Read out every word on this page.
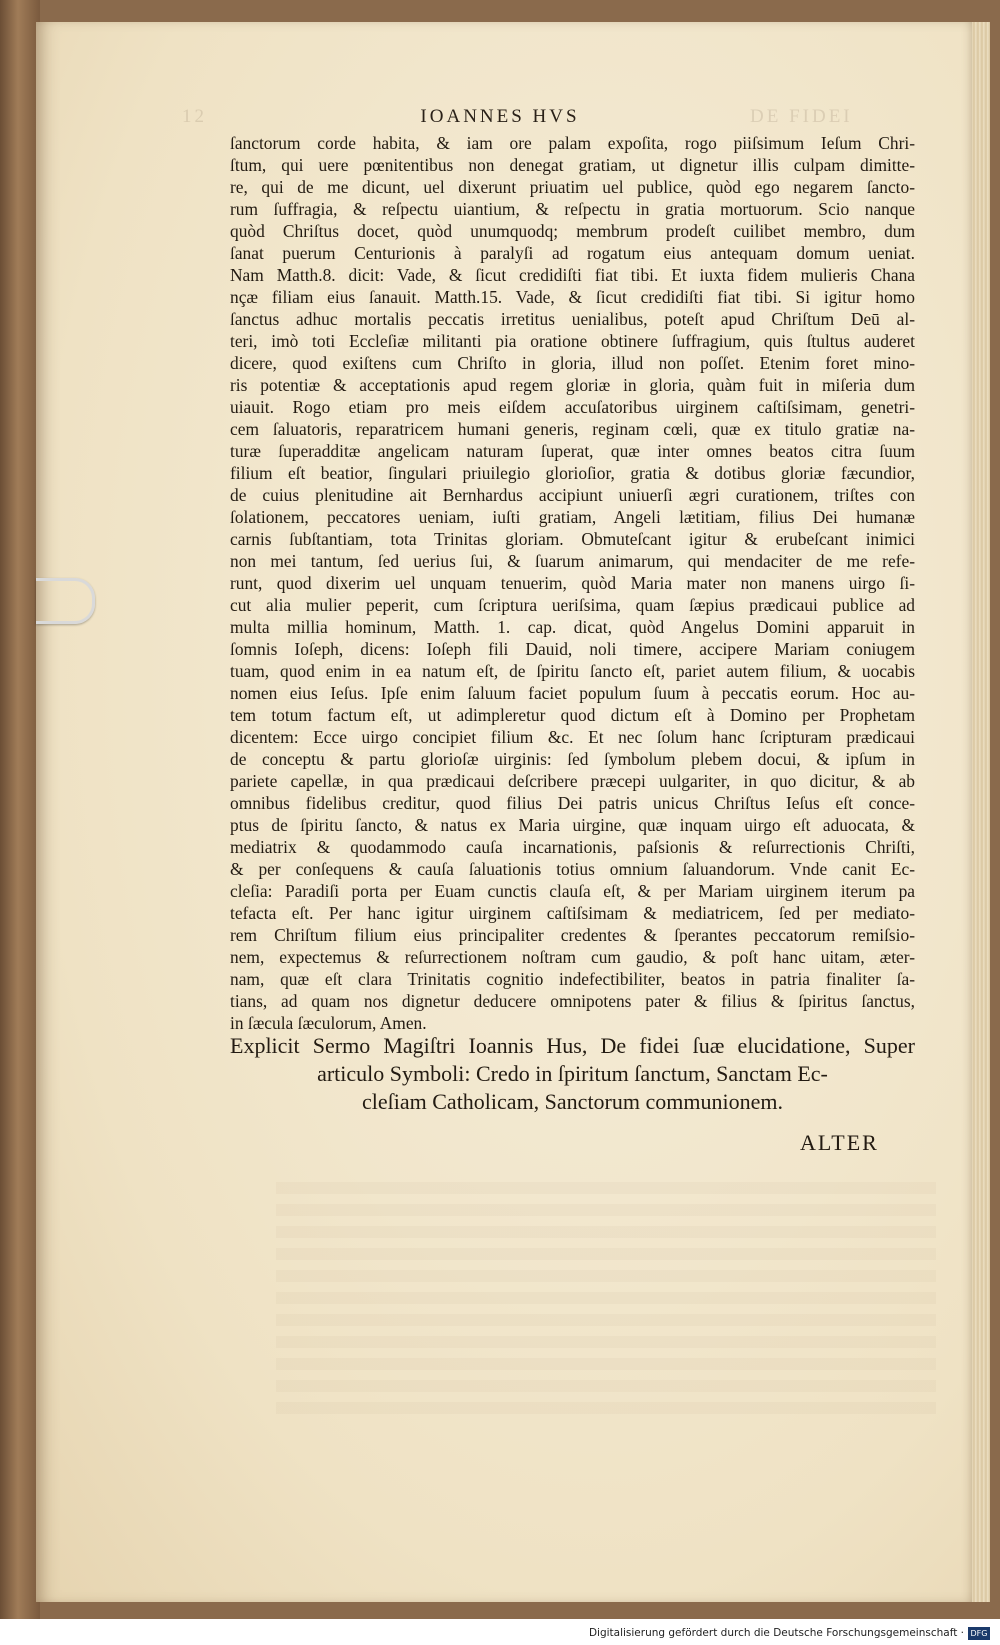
12	IOANNES HVS	DE FIDEI
ſanctorum corde habita, & iam ore palam expoſita, rogo piiſsimum Ieſum Chri-
ſtum, qui uere pœnitentibus non denegat gratiam, ut dignetur illis culpam dimitte-
re, qui de me dicunt, uel dixerunt priuatim uel publice, quòd ego negarem ſancto-
rum ſuffragia, & reſpectu uiantium, & reſpectu in gratia mortuorum. Scio nanque
quòd Chriſtus docet, quòd unumquodq; membrum prodeſt cuilibet membro, dum
ſanat puerum Centurionis à paralyſi ad rogatum eius antequam domum ueniat.
Nam Matth.8. dicit: Vade, & ſicut credidiſti fiat tibi. Et iuxta fidem mulieris Chana
nçæ filiam eius ſanauit. Matth.15. Vade, & ſicut credidiſti fiat tibi. Si igitur homo
ſanctus adhuc mortalis peccatis irretitus uenialibus, poteſt apud Chriſtum Deū al-
teri, imò toti Eccleſiæ militanti pia oratione obtinere ſuffragium, quis ſtultus auderet
dicere, quod exiſtens cum Chriſto in gloria, illud non poſſet. Etenim foret mino-
ris potentiæ & acceptationis apud regem gloriæ in gloria, quàm fuit in miſeria dum
uiauit. Rogo etiam pro meis eiſdem accuſatoribus uirginem caſtiſsimam, genetri-
cem ſaluatoris, reparatricem humani generis, reginam cœli, quæ ex titulo gratiæ na-
turæ ſuperadditæ angelicam naturam ſuperat, quæ inter omnes beatos citra ſuum
filium eſt beatior, ſingulari priuilegio glorioſior, gratia & dotibus gloriæ fæcundior,
de cuius plenitudine ait Bernhardus accipiunt uniuerſi ægri curationem, triſtes con
ſolationem, peccatores ueniam, iuſti gratiam, Angeli lætitiam, filius Dei humanæ
carnis ſubſtantiam, tota Trinitas gloriam. Obmuteſcant igitur & erubeſcant inimici
non mei tantum, ſed uerius ſui, & ſuarum animarum, qui mendaciter de me refe-
runt, quod dixerim uel unquam tenuerim, quòd Maria mater non manens uirgo ſi-
cut alia mulier peperit, cum ſcriptura ueriſsima, quam ſæpius prædicaui publice ad
multa millia hominum, Matth. 1. cap. dicat, quòd Angelus Domini apparuit in
ſomnis Ioſeph, dicens: Ioſeph fili Dauid, noli timere, accipere Mariam coniugem
tuam, quod enim in ea natum eſt, de ſpiritu ſancto eſt, pariet autem filium, & uocabis
nomen eius Ieſus. Ipſe enim ſaluum faciet populum ſuum à peccatis eorum. Hoc au-
tem totum factum eſt, ut adimpleretur quod dictum eſt à Domino per Prophetam
dicentem: Ecce uirgo concipiet filium &c. Et nec ſolum hanc ſcripturam prædicaui
de conceptu & partu glorioſæ uirginis: ſed ſymbolum plebem docui, & ipſum in
pariete capellæ, in qua prædicaui deſcribere præcepi uulgariter, in quo dicitur, & ab
omnibus fidelibus creditur, quod filius Dei patris unicus Chriſtus Ieſus eſt conce-
ptus de ſpiritu ſancto, & natus ex Maria uirgine, quæ inquam uirgo eſt aduocata, &
mediatrix & quodammodo cauſa incarnationis, paſsionis & reſurrectionis Chriſti,
& per conſequens & cauſa ſaluationis totius omnium ſaluandorum. Vnde canit Ec-
cleſia: Paradiſi porta per Euam cunctis clauſa eſt, & per Mariam uirginem iterum pa
tefacta eſt. Per hanc igitur uirginem caſtiſsimam & mediatricem, ſed per mediato-
rem Chriſtum filium eius principaliter credentes & ſperantes peccatorum remiſsio-
nem, expectemus & reſurrectionem noſtram cum gaudio, & poſt hanc uitam, æter-
nam, quæ eſt clara Trinitatis cognitio indefectibiliter, beatos in patria finaliter ſa-
tians, ad quam nos dignetur deducere omnipotens pater & filius & ſpiritus ſanctus,
in ſæcula ſæculorum, Amen.
Explicit Sermo Magiſtri Ioannis Hus, De fidei ſuæ elucidatione, Super
articulo Symboli: Credo in ſpiritum ſanctum, Sanctam Ec-
cleſiam Catholicam, Sanctorum communionem.
ALTER
Digitalisierung gefördert durch die Deutsche Forschungsgemeinschaft · DFG
